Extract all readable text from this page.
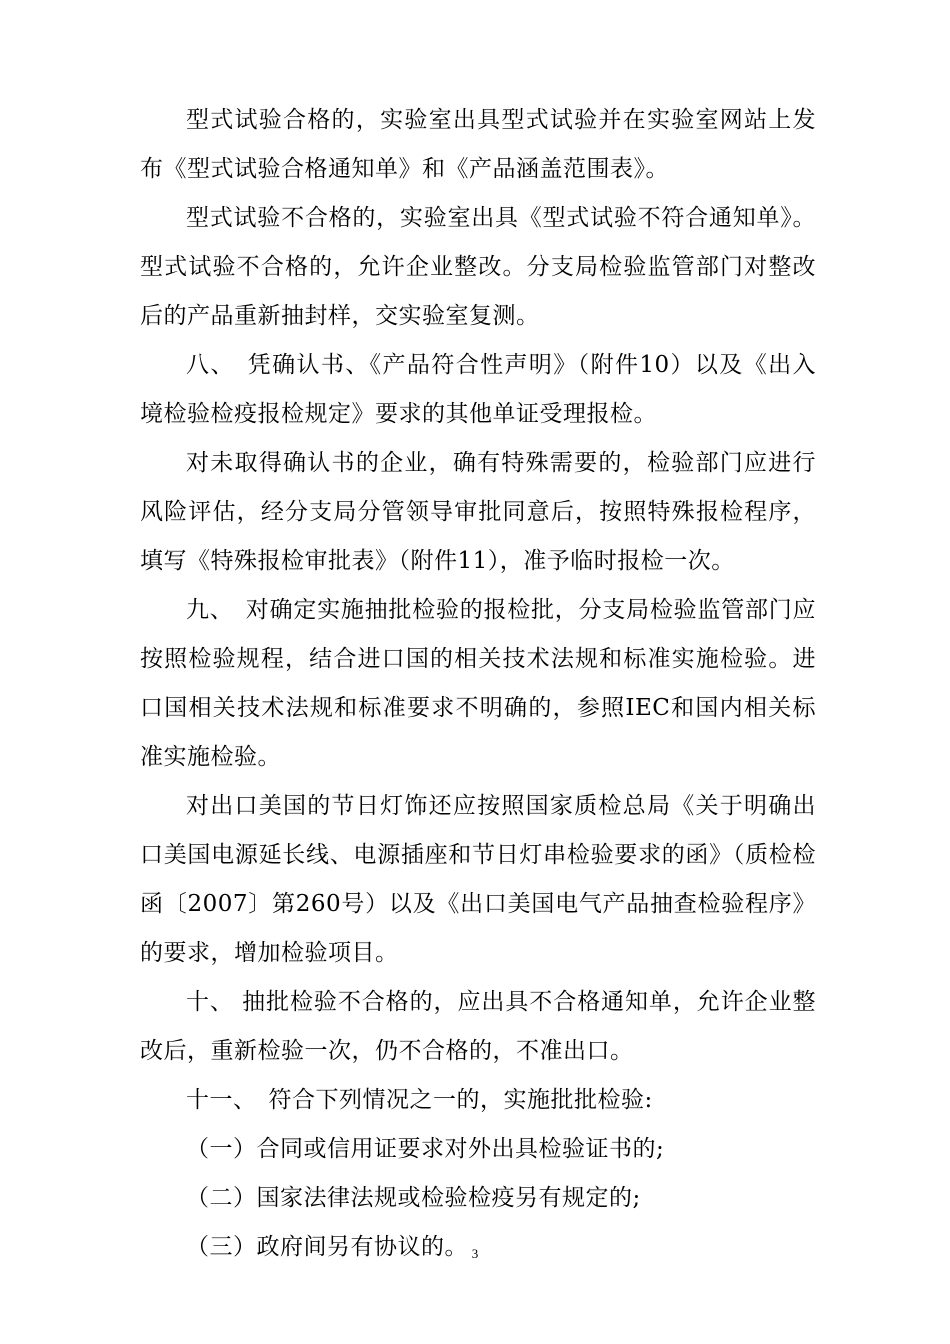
型式试验合格的，实验室出具型式试验并在实验室网站上发布《型式试验合格通知单》和《产品涵盖范围表》。

型式试验不合格的，实验室出具《型式试验不符合通知单》。型式试验不合格的，允许企业整改。分支局检验监管部门对整改后的产品重新抽封样，交实验室复测。

八、　凭确认书、《产品符合性声明》（附件10）以及《出入境检验检疫报检规定》要求的其他单证受理报检。

对未取得确认书的企业，确有特殊需要的，检验部门应进行风险评估，经分支局分管领导审批同意后，按照特殊报检程序，填写《特殊报检审批表》（附件11），准予临时报检一次。

九、　对确定实施抽批检验的报检批，分支局检验监管部门应按照检验规程，结合进口国的相关技术法规和标准实施检验。进口国相关技术法规和标准要求不明确的，参照IEC和国内相关标准实施检验。

对出口美国的节日灯饰还应按照国家质检总局《关于明确出口美国电源延长线、电源插座和节日灯串检验要求的函》（质检检函〔2007〕第260号）以及《出口美国电气产品抽查检验程序》的要求，增加检验项目。

十、 抽批检验不合格的，应出具不合格通知单，允许企业整改后，重新检验一次，仍不合格的，不准出口。

十一、　符合下列情况之一的，实施批批检验:

（一）合同或信用证要求对外出具检验证书的;

（二）国家法律法规或检验检疫另有规定的;

（三）政府间另有协议的。 3
